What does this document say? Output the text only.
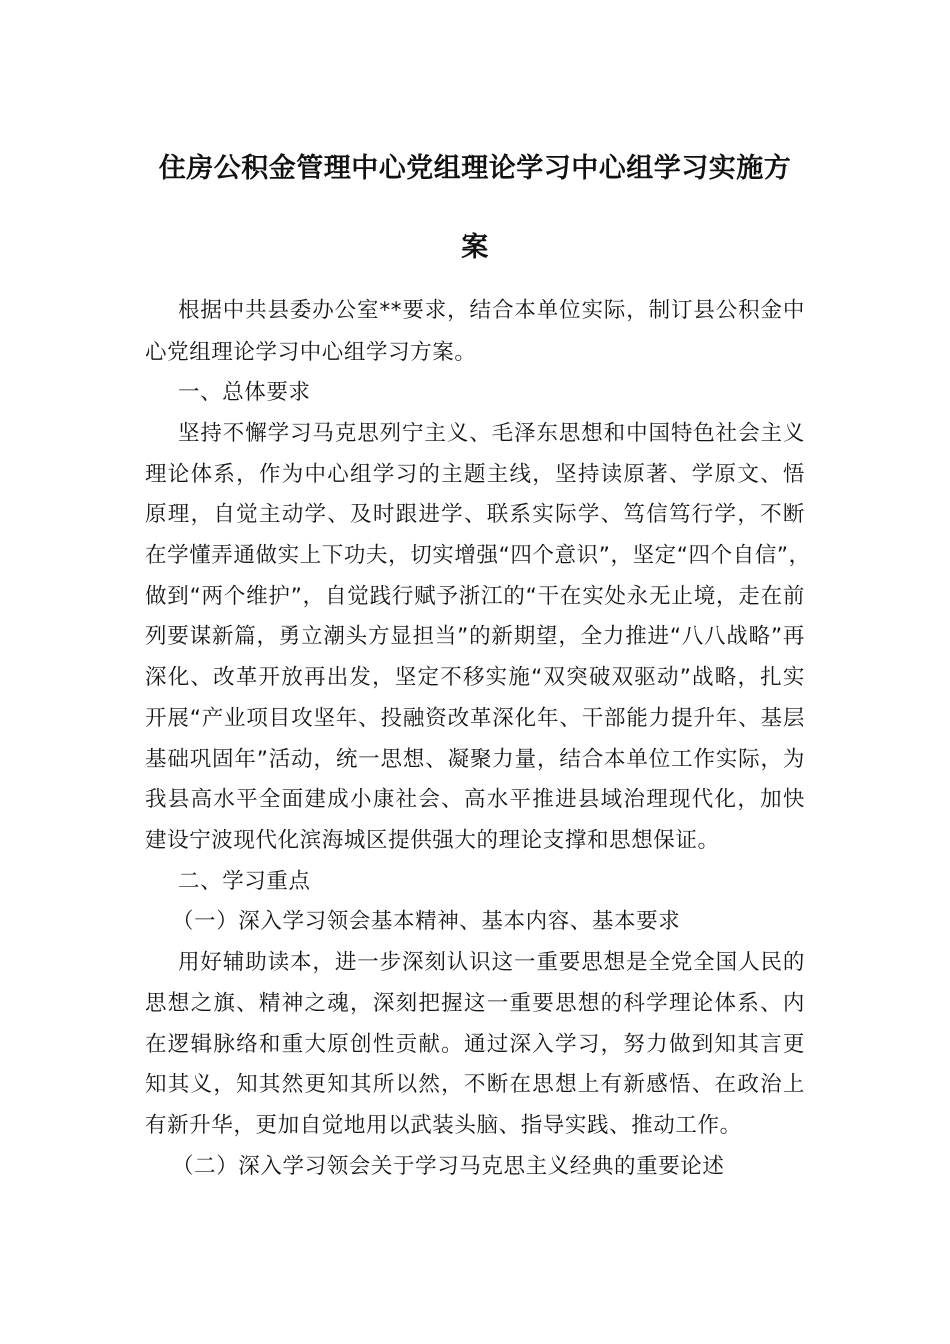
住房公积金管理中心党组理论学习中心组学习实施方
案
根据中共县委办公室**要求，结合本单位实际，制订县公积金中
心党组理论学习中心组学习方案。
一、总体要求
坚持不懈学习马克思列宁主义、毛泽东思想和中国特色社会主义
理论体系，作为中心组学习的主题主线，坚持读原著、学原文、悟
原理，自觉主动学、及时跟进学、联系实际学、笃信笃行学，不断
在学懂弄通做实上下功夫，切实增强“四个意识”，坚定“四个自信”，
做到“两个维护”，自觉践行赋予浙江的“干在实处永无止境，走在前
列要谋新篇，勇立潮头方显担当”的新期望，全力推进“八八战略”再
深化、改革开放再出发，坚定不移实施“双突破双驱动”战略，扎实
开展“产业项目攻坚年、投融资改革深化年、干部能力提升年、基层
基础巩固年”活动，统一思想、凝聚力量，结合本单位工作实际，为
我县高水平全面建成小康社会、高水平推进县域治理现代化，加快
建设宁波现代化滨海城区提供强大的理论支撑和思想保证。
二、学习重点
（一）深入学习领会基本精神、基本内容、基本要求
用好辅助读本，进一步深刻认识这一重要思想是全党全国人民的
思想之旗、精神之魂，深刻把握这一重要思想的科学理论体系、内
在逻辑脉络和重大原创性贡献。通过深入学习，努力做到知其言更
知其义，知其然更知其所以然，不断在思想上有新感悟、在政治上
有新升华，更加自觉地用以武装头脑、指导实践、推动工作。
（二）深入学习领会关于学习马克思主义经典的重要论述
